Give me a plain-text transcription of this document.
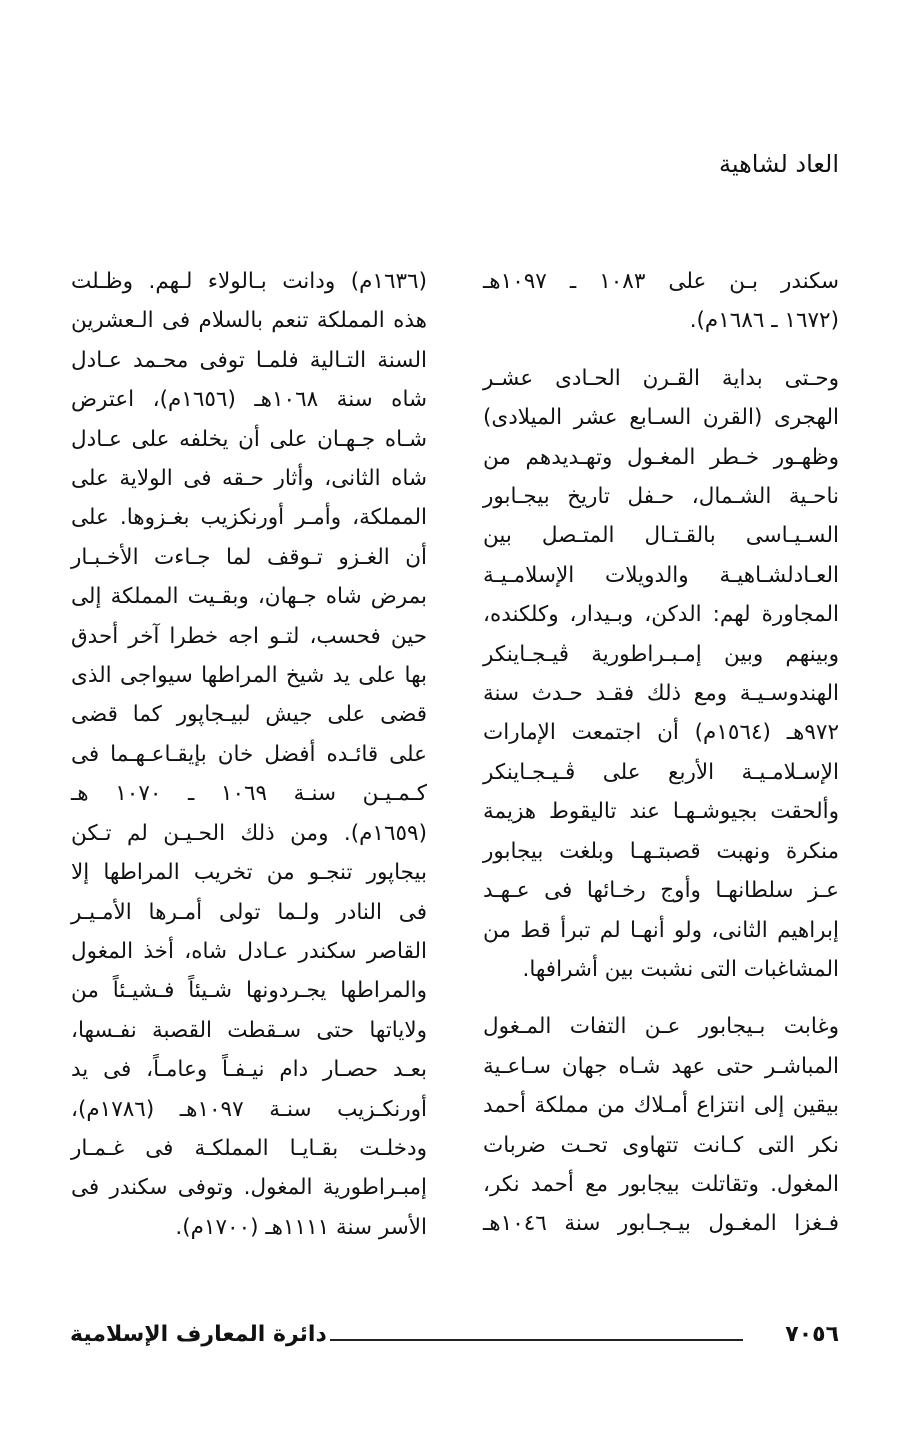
العاد لشاهية
سكندر بـن على ١٠٨٣ ـ ١٠٩٧هـ
(١٦٧٢ ـ ١٦٨٦م).
وحـتى بداية القـرن الحـادى عشـر
الهجرى (القرن السـابع عشر الميلادى)
وظهـور خـطر المغـول وتهـديدهم من
ناحـية الشـمال، حـفل تاريخ بيجـابور
السـيـاسى بالقـتـال المتـصل بين
العـادلشـاهيـة والدويلات الإسلامـيـة
المجاورة لهم: الدكن، وبـيدار، وكلكنده،
وبينهم وبين إمـبـراطورية ڤيـجـاينكر
الهندوسـيـة ومع ذلك فقـد حـدث سنة
٩٧٢هـ (١٥٦٤م) أن اجتمعت الإمارات
الإسـلامـيـة الأربع على ڤـيـجـاينكر
وألحقت بجيوشـهـا عند تاليقوط هزيمة
منكرة ونهبت قصبتـهـا وبلغت بيجابور
عـز سلطانهـا وأوج رخـائها فى عـهـد
إبراهيم الثانى، ولو أنهـا لم تبرأ قط من
المشاغبات التى نشبت بين أشرافها.
وغابت بـيجابور عـن التفات المـغول
المباشـر حتى عهد شـاه جهان سـاعـية
بيقين إلى انتزاع أمـلاك من مملكة أحمد
نكر التى كـانت تتهاوى تحـت ضربات
المغول. وتقاتلت بيجابور مع أحمد نكر،
فـغزا المغـول بيـجـابور سنة ١٠٤٦هـ
(١٦٣٦م) ودانت بـالولاء لـهم. وظـلت
هذه المملكة تنعم بالسلام فى الـعشرين
السنة التـالية فلمـا توفى محـمد عـادل
شاه سنة ١٠٦٨هـ (١٦٥٦م)، اعترض
شـاه جـهـان على أن يخلفه على عـادل
شاه الثانى، وأثار حـقه فى الولاية على
المملكة، وأمـر أورنكزيب بغـزوها. على
أن الغـزو تـوقف لما جـاءت الأخـبـار
بمرض شاه جـهان، وبقـيت المملكة إلى
حين فحسب، لتـو اجه خطرا آخر أحدق
بها على يد شيخ المراطها سيواجى الذى
قضى على جيش لبيـجاپور كما قضى
على قائـده أفضل خان بإيقـاعـهـما فى
كـمـيـن سنـة ١٠٦٩ ـ ١٠٧٠ هـ
(١٦٥٩م). ومن ذلك الحـيـن لم تـكن
بيجاپور تنجـو من تخريب المراطها إلا
فى النادر ولـما تولى أمـرها الأمـيـر
القاصر سكندر عـادل شاه، أخذ المغول
والمراطها يجـردونها شـيئاً فـشيـئاً من
ولاياتها حتى سـقطت القصبة نفـسها،
بعـد حصـار دام نيـفـاً وعامـاً، فى يد
أورنكـزيب سنـة ١٠٩٧هـ (١٧٨٦م)،
ودخلـت بقـايـا المملكـة فى غـمـار
إمبـراطورية المغول. وتوفى سكندر فى
الأسر سنة ١١١١هـ (١٧٠٠م).
٧٠٥٦
دائرة المعارف الإسلامية
